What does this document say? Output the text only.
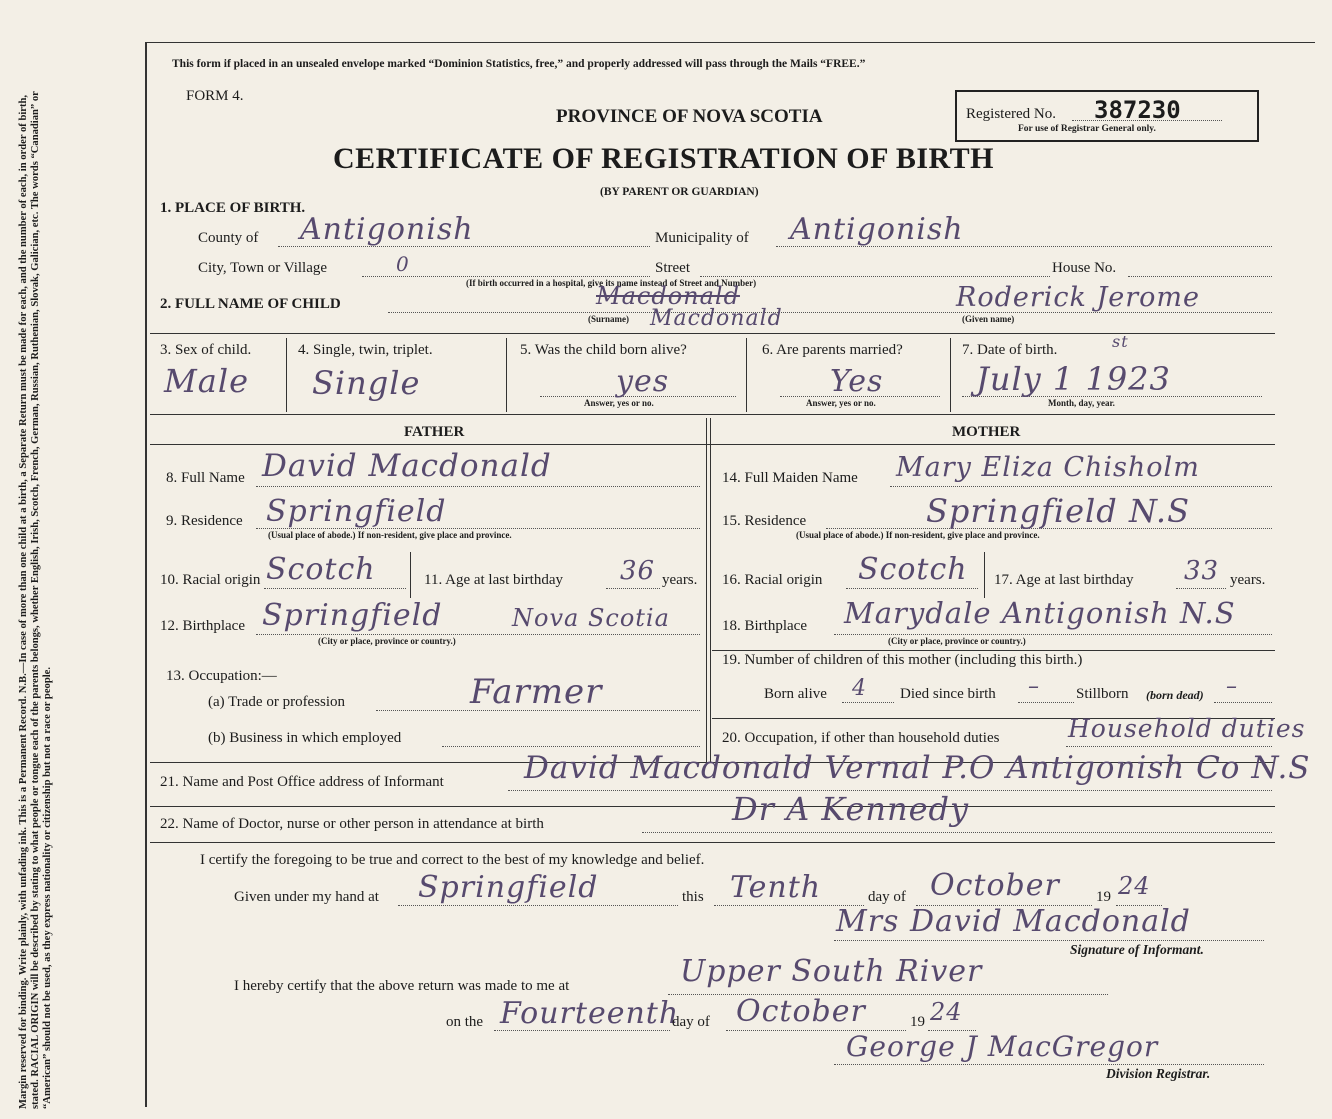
Margin reserved for binding. Write plainly, with unfading ink. This is a Permanent Record. N.B.—In case of more than one child at a birth, a Separate Return must be made for each, and the number of each, in order of birth, stated. RACIAL ORIGIN will be described by stating to what people or tongue each of the parents belongs, whether English, Irish, Scotch, French, German, Russian, Ruthenian, Slovak, Galician, etc. The words “Canadian” or “American” should not be used, as they express nationality or citizenship but not a race or people.
This form if placed in an unsealed envelope marked “Dominion Statistics, free,” and properly addressed will pass through the Mails “FREE.”
FORM 4.
PROVINCE OF NOVA SCOTIA
CERTIFICATE OF REGISTRATION OF BIRTH
(BY PARENT OR GUARDIAN)
Registered No. 387230
For use of Registrar General only.
1. PLACE OF BIRTH.
County of Antigonish	Municipality of Antigonish
City, Town or Village	0	Street	House No.
(If birth occurred in a hospital, give its name instead of Street and Number)
2. FULL NAME OF CHILD	Macdonald
Macdonald
(Surname)
Roderick Jerome
(Given name)
3. Sex of child.
Male
4. Single, twin, triplet.
Single
5. Was the child born alive?
yes
Answer, yes or no.
6. Are parents married?
Yes
Answer, yes or no.
7. Date of birth.	st
July 1 1923
Month, day, year.
FATHER	MOTHER
8. Full Name David Macdonald
9. Residence Springfield
(Usual place of abode.) If non-resident, give place and province.
10. Racial origin Scotch	11. Age at last birthday 36 years.
12. Birthplace Springfield	Nova Scotia
(City or place, province or country.)
13. Occupation:—
(a) Trade or profession	Farmer
(b) Business in which employed
14. Full Maiden Name Mary Eliza Chisholm
15. Residence	Springfield N.S
(Usual place of abode.) If non-resident, give place and province.
16. Racial origin Scotch 17. Age at last birthday 33 years.
18. Birthplace Marydale Antigonish N.S
(City or place, province or country.)
19. Number of children of this mother (including this birth.)
Born alive 4 Died since birth – Stillborn (born dead) –
20. Occupation, if other than household duties	Household duties
21. Name and Post Office address of Informant	David Macdonald Vernal P.O Antigonish Co N.S
22. Name of Doctor, nurse or other person in attendance at birth	Dr A Kennedy
I certify the foregoing to be true and correct to the best of my knowledge and belief.
Given under my hand at Springfield	this Tenth	day of October 19 24
Mrs David Macdonald
Signature of Informant.
I hereby certify that the above return was made to me at	Upper South River
on the Fourteenth
day of October	19 24
George J MacGregor
Division Registrar.
